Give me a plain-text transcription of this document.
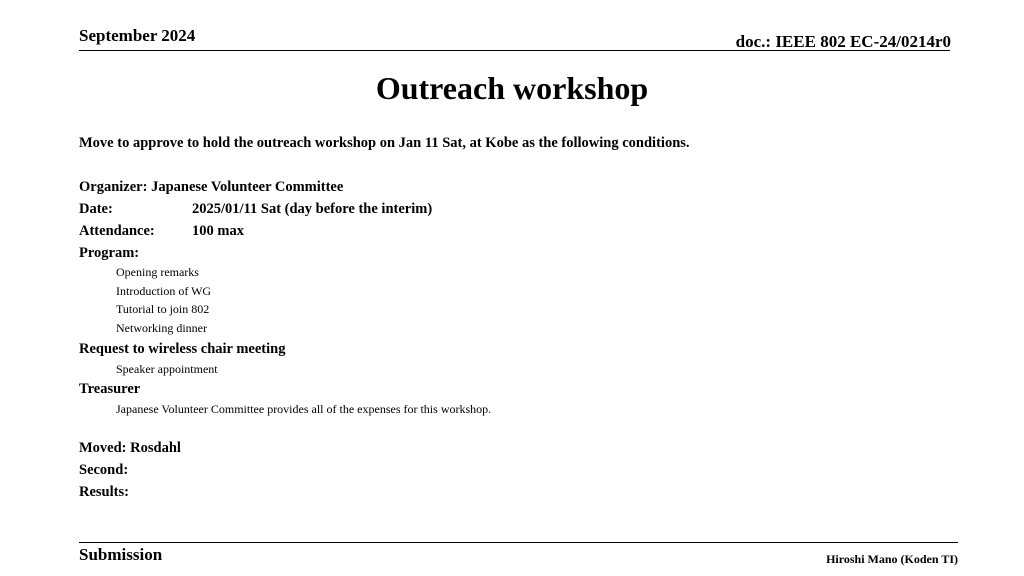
September 2024	doc.: IEEE 802 EC-24/0214r0
Outreach workshop
Move to approve to hold the outreach workshop on Jan 11 Sat, at Kobe as the following conditions.
Organizer: Japanese Volunteer Committee
Date:	2025/01/11 Sat (day before the interim)
Attendance:	100 max
Program:
Opening remarks
Introduction of WG
Tutorial to join 802
Networking dinner
Request to wireless chair meeting
Speaker appointment
Treasurer
Japanese Volunteer Committee provides all of the expenses for this workshop.
Moved: Rosdahl
Second:
Results:
Submission	Hiroshi Mano (Koden TI)
